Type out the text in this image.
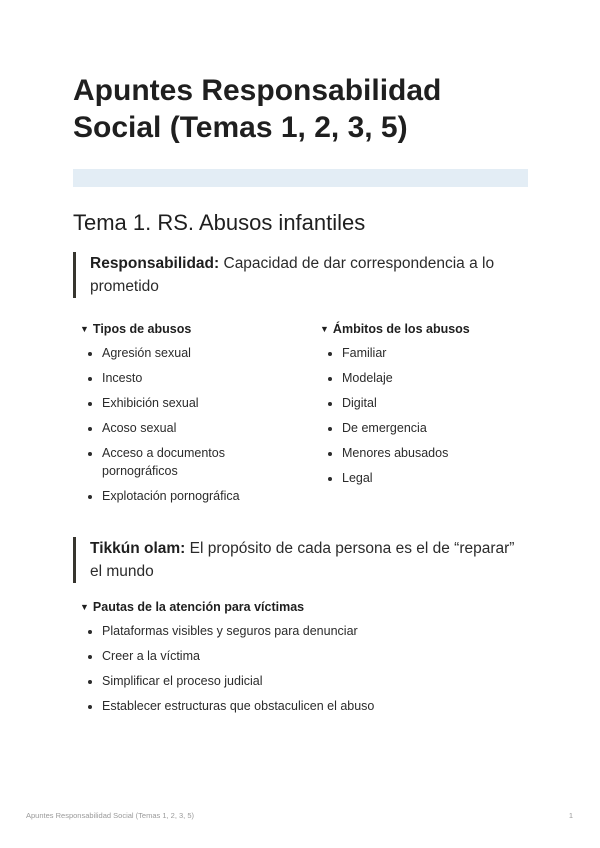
Apuntes Responsabilidad
Social (Temas 1, 2, 3, 5)
Tema 1. RS. Abusos infantiles
Responsabilidad: Capacidad de dar correspondencia a lo prometido
▼ Tipos de abusos
Agresión sexual
Incesto
Exhibición sexual
Acoso sexual
Acceso a documentos pornográficos
Explotación pornográfica
▼ Ámbitos de los abusos
Familiar
Modelaje
Digital
De emergencia
Menores abusados
Legal
Tikkún olam: El propósito de cada persona es el de “reparar” el mundo
▼ Pautas de la atención para víctimas
Plataformas visibles y seguros para denunciar
Creer a la víctima
Simplificar el proceso judicial
Establecer estructuras que obstaculicen el abuso
Apuntes Responsabilidad Social (Temas 1, 2, 3, 5)	1
